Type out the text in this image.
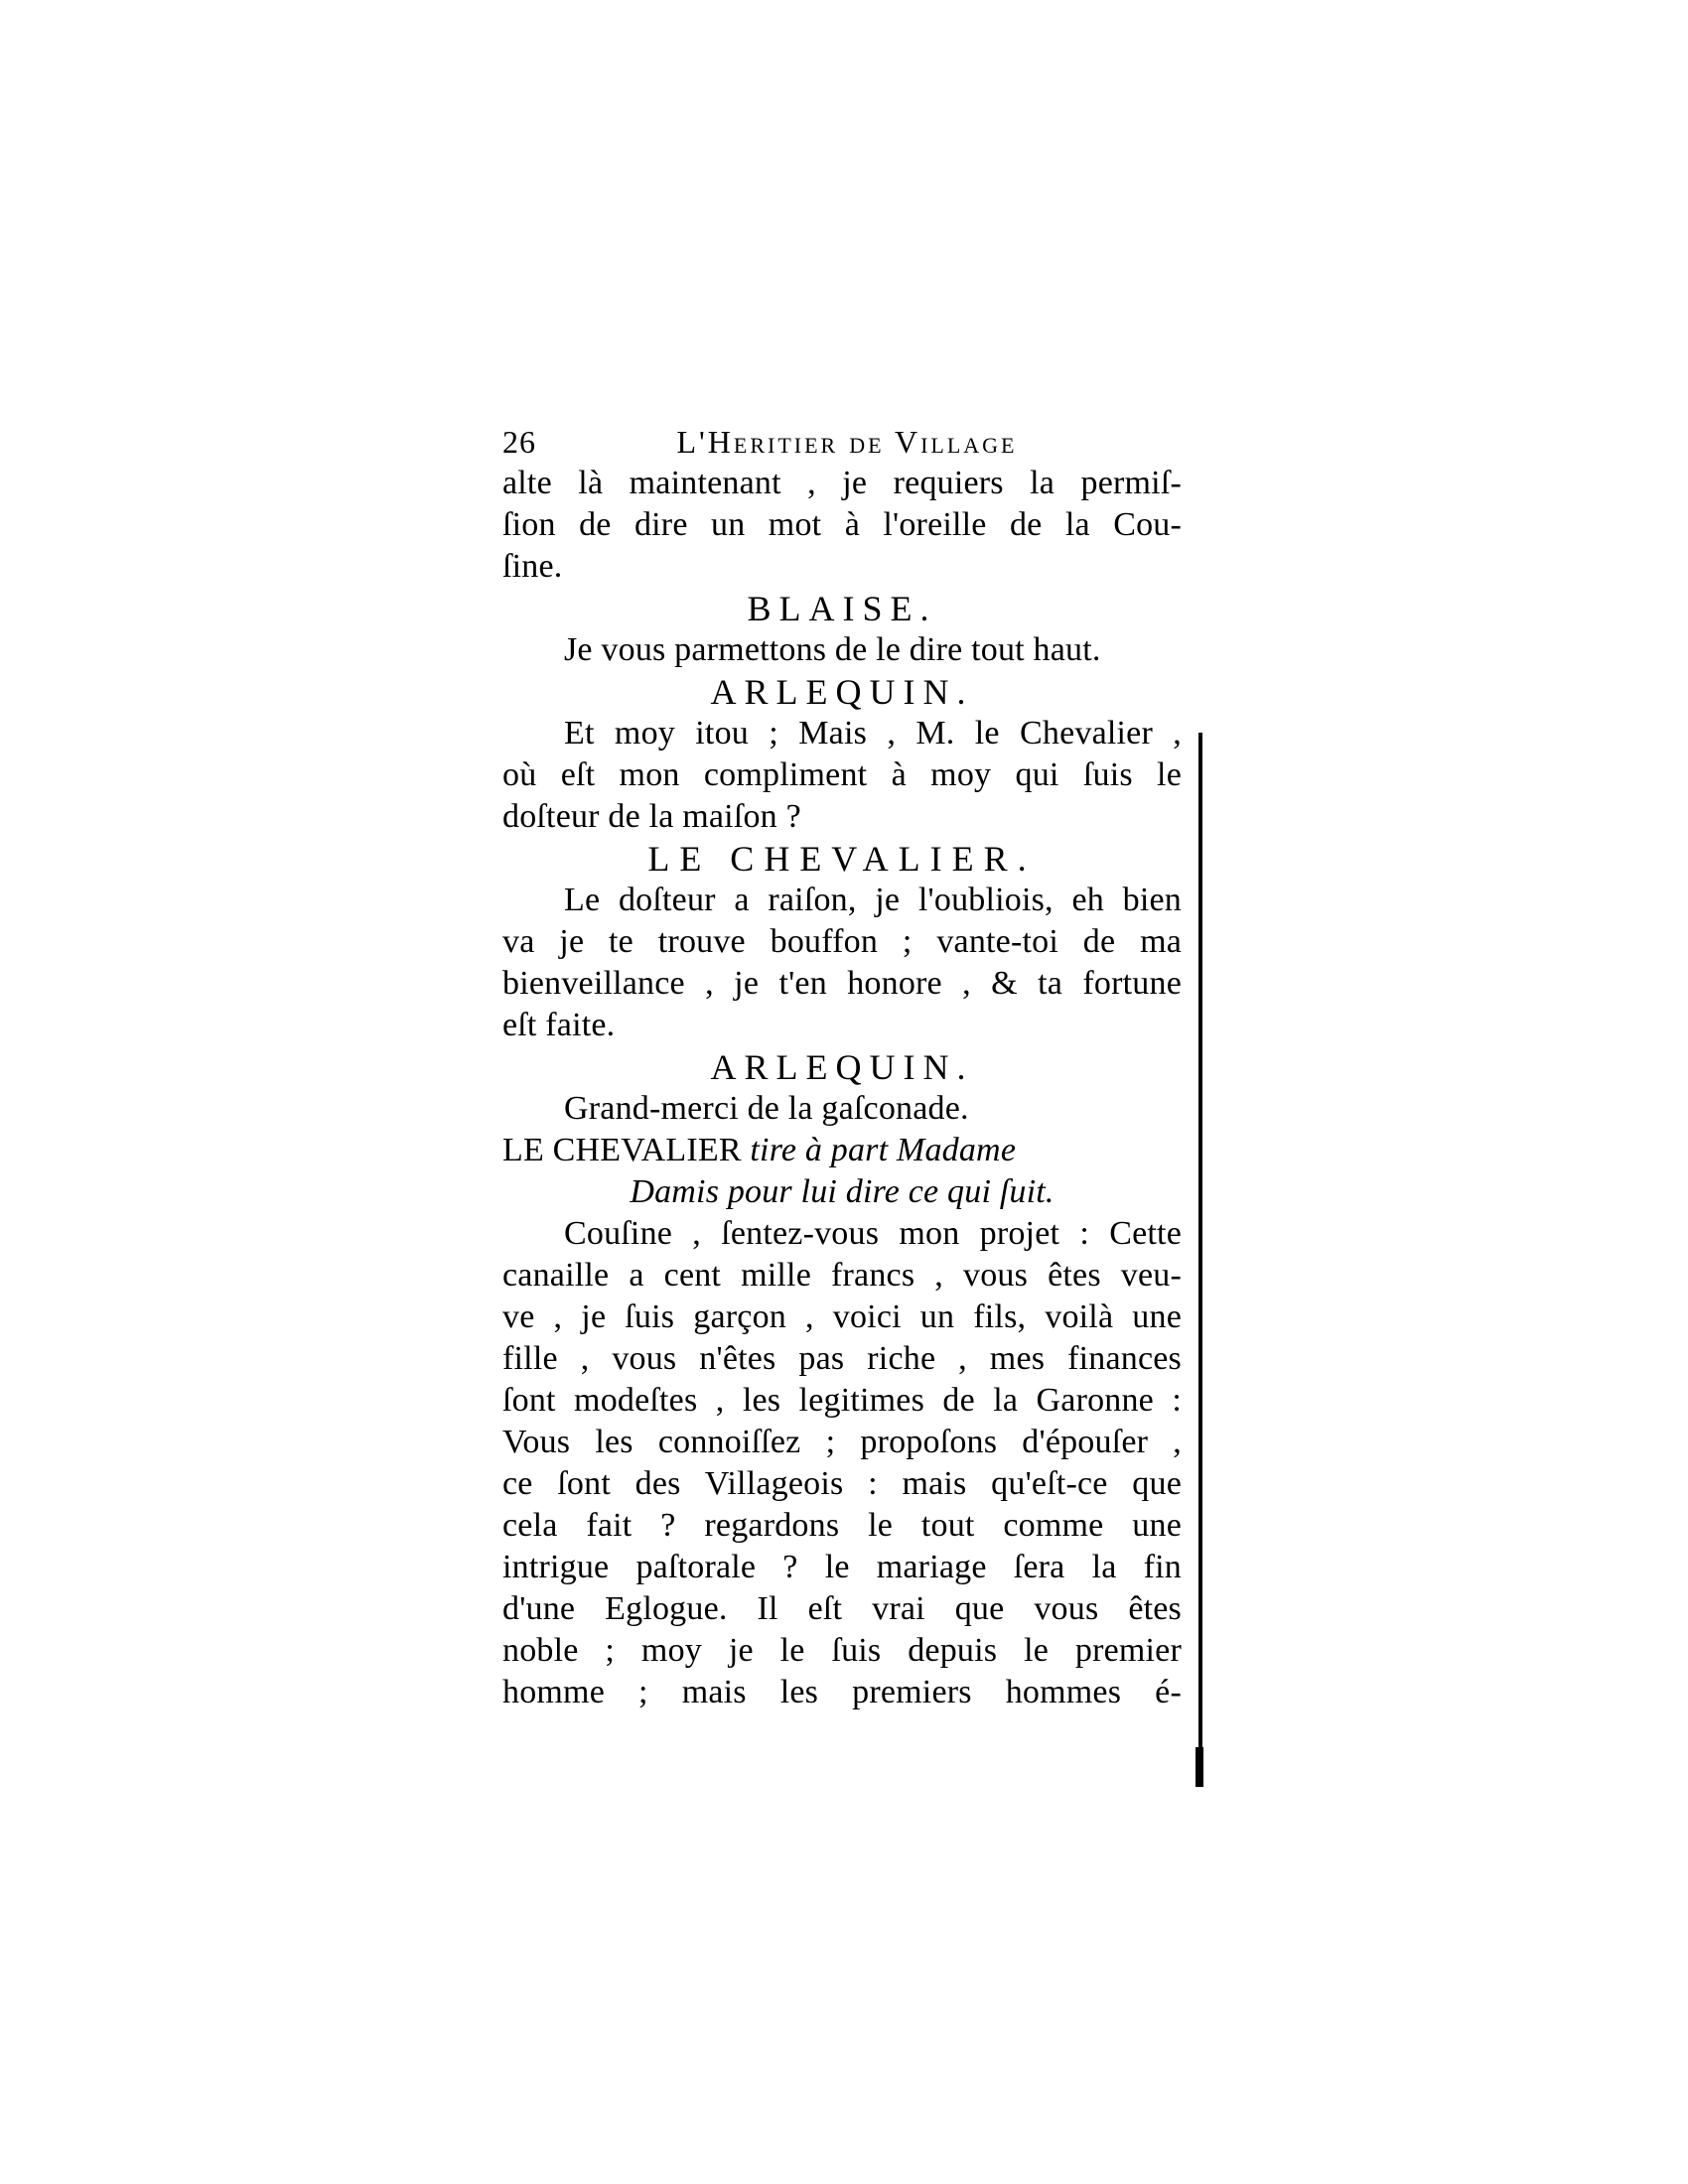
26	L'Heritier de Village
alte là maintenant , je requiers la permiſ-
ſion de dire un mot à l'oreille de la Cou-
ſine.
BLAISE.
Je vous parmettons de le dire tout haut.
ARLEQUIN.
Et moy itou ; Mais , M. le Chevalier ,
où eſt mon compliment à moy qui ſuis le
doſteur de la maiſon ?
LE CHEVALIER.
Le doſteur a raiſon, je l'oubliois, eh bien
va je te trouve bouffon ; vante-toi de ma
bienveillance , je t'en honore , & ta fortune
eſt faite.
ARLEQUIN.
Grand-merci de la gaſconade.
LE CHEVALIER tire à part Madame
Damis pour lui dire ce qui ſuit.
Couſine , ſentez-vous mon projet : Cette
canaille a cent mille francs , vous êtes veu-
ve , je ſuis garçon , voici un fils, voilà une
fille , vous n'êtes pas riche , mes finances
ſont modeſtes , les legitimes de la Garonne :
Vous les connoiſſez ; propoſons d'épouſer ,
ce ſont des Villageois : mais qu'eſt-ce que
cela fait ? regardons le tout comme une
intrigue paſtorale ? le mariage ſera la fin
d'une Eglogue. Il eſt vrai que vous êtes
noble ; moy je le ſuis depuis le premier
homme ; mais les premiers hommes é-
